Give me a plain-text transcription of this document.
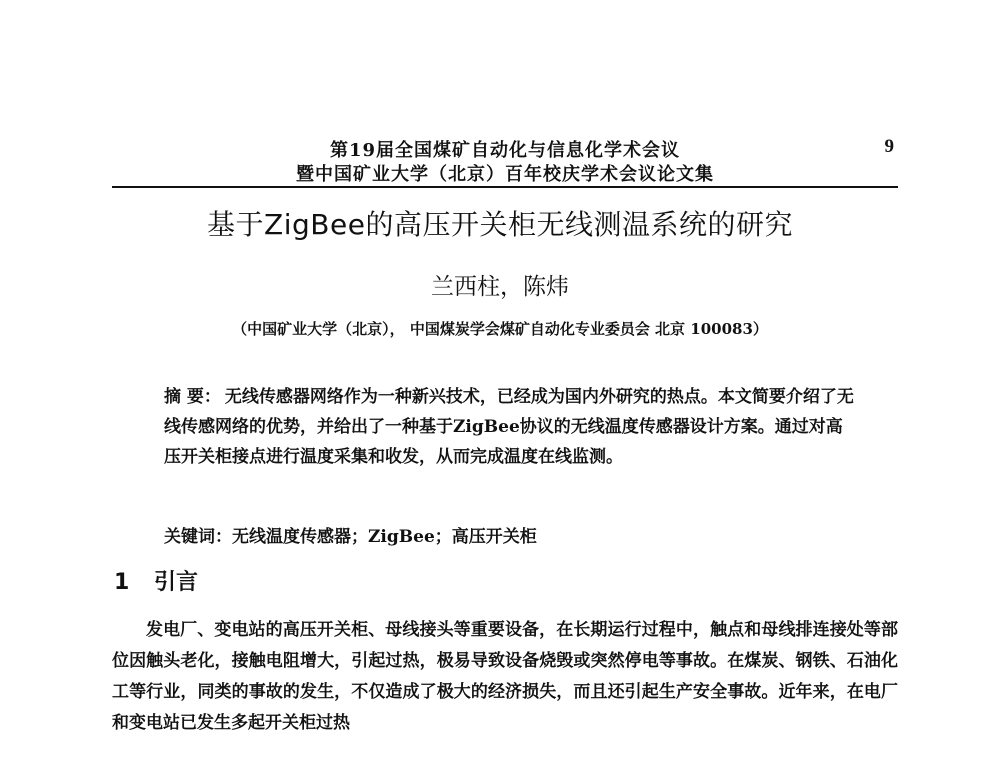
第19届全国煤矿自动化与信息化学术会议
暨中国矿业大学（北京）百年校庆学术会议论文集
9
基于ZigBee的高压开关柜无线测温系统的研究
兰西柱，陈炜
（中国矿业大学（北京）， 中国煤炭学会煤矿自动化专业委员会 北京 100083）
摘 要： 无线传感器网络作为一种新兴技术，已经成为国内外研究的热点。本文简要介绍了无线传感网络的优势，并给出了一种基于ZigBee协议的无线温度传感器设计方案。通过对高压开关柜接点进行温度采集和收发，从而完成温度在线监测。
关键词：无线温度传感器；ZigBee；高压开关柜
1 引言
发电厂、变电站的高压开关柜、母线接头等重要设备，在长期运行过程中，触点和母线排连接处等部位因触头老化，接触电阻增大，引起过热，极易导致设备烧毁或突然停电等事故。在煤炭、钢铁、石油化工等行业，同类的事故的发生，不仅造成了极大的经济损失，而且还引起生产安全事故。近年来，在电厂和变电站已发生多起开关柜过热
